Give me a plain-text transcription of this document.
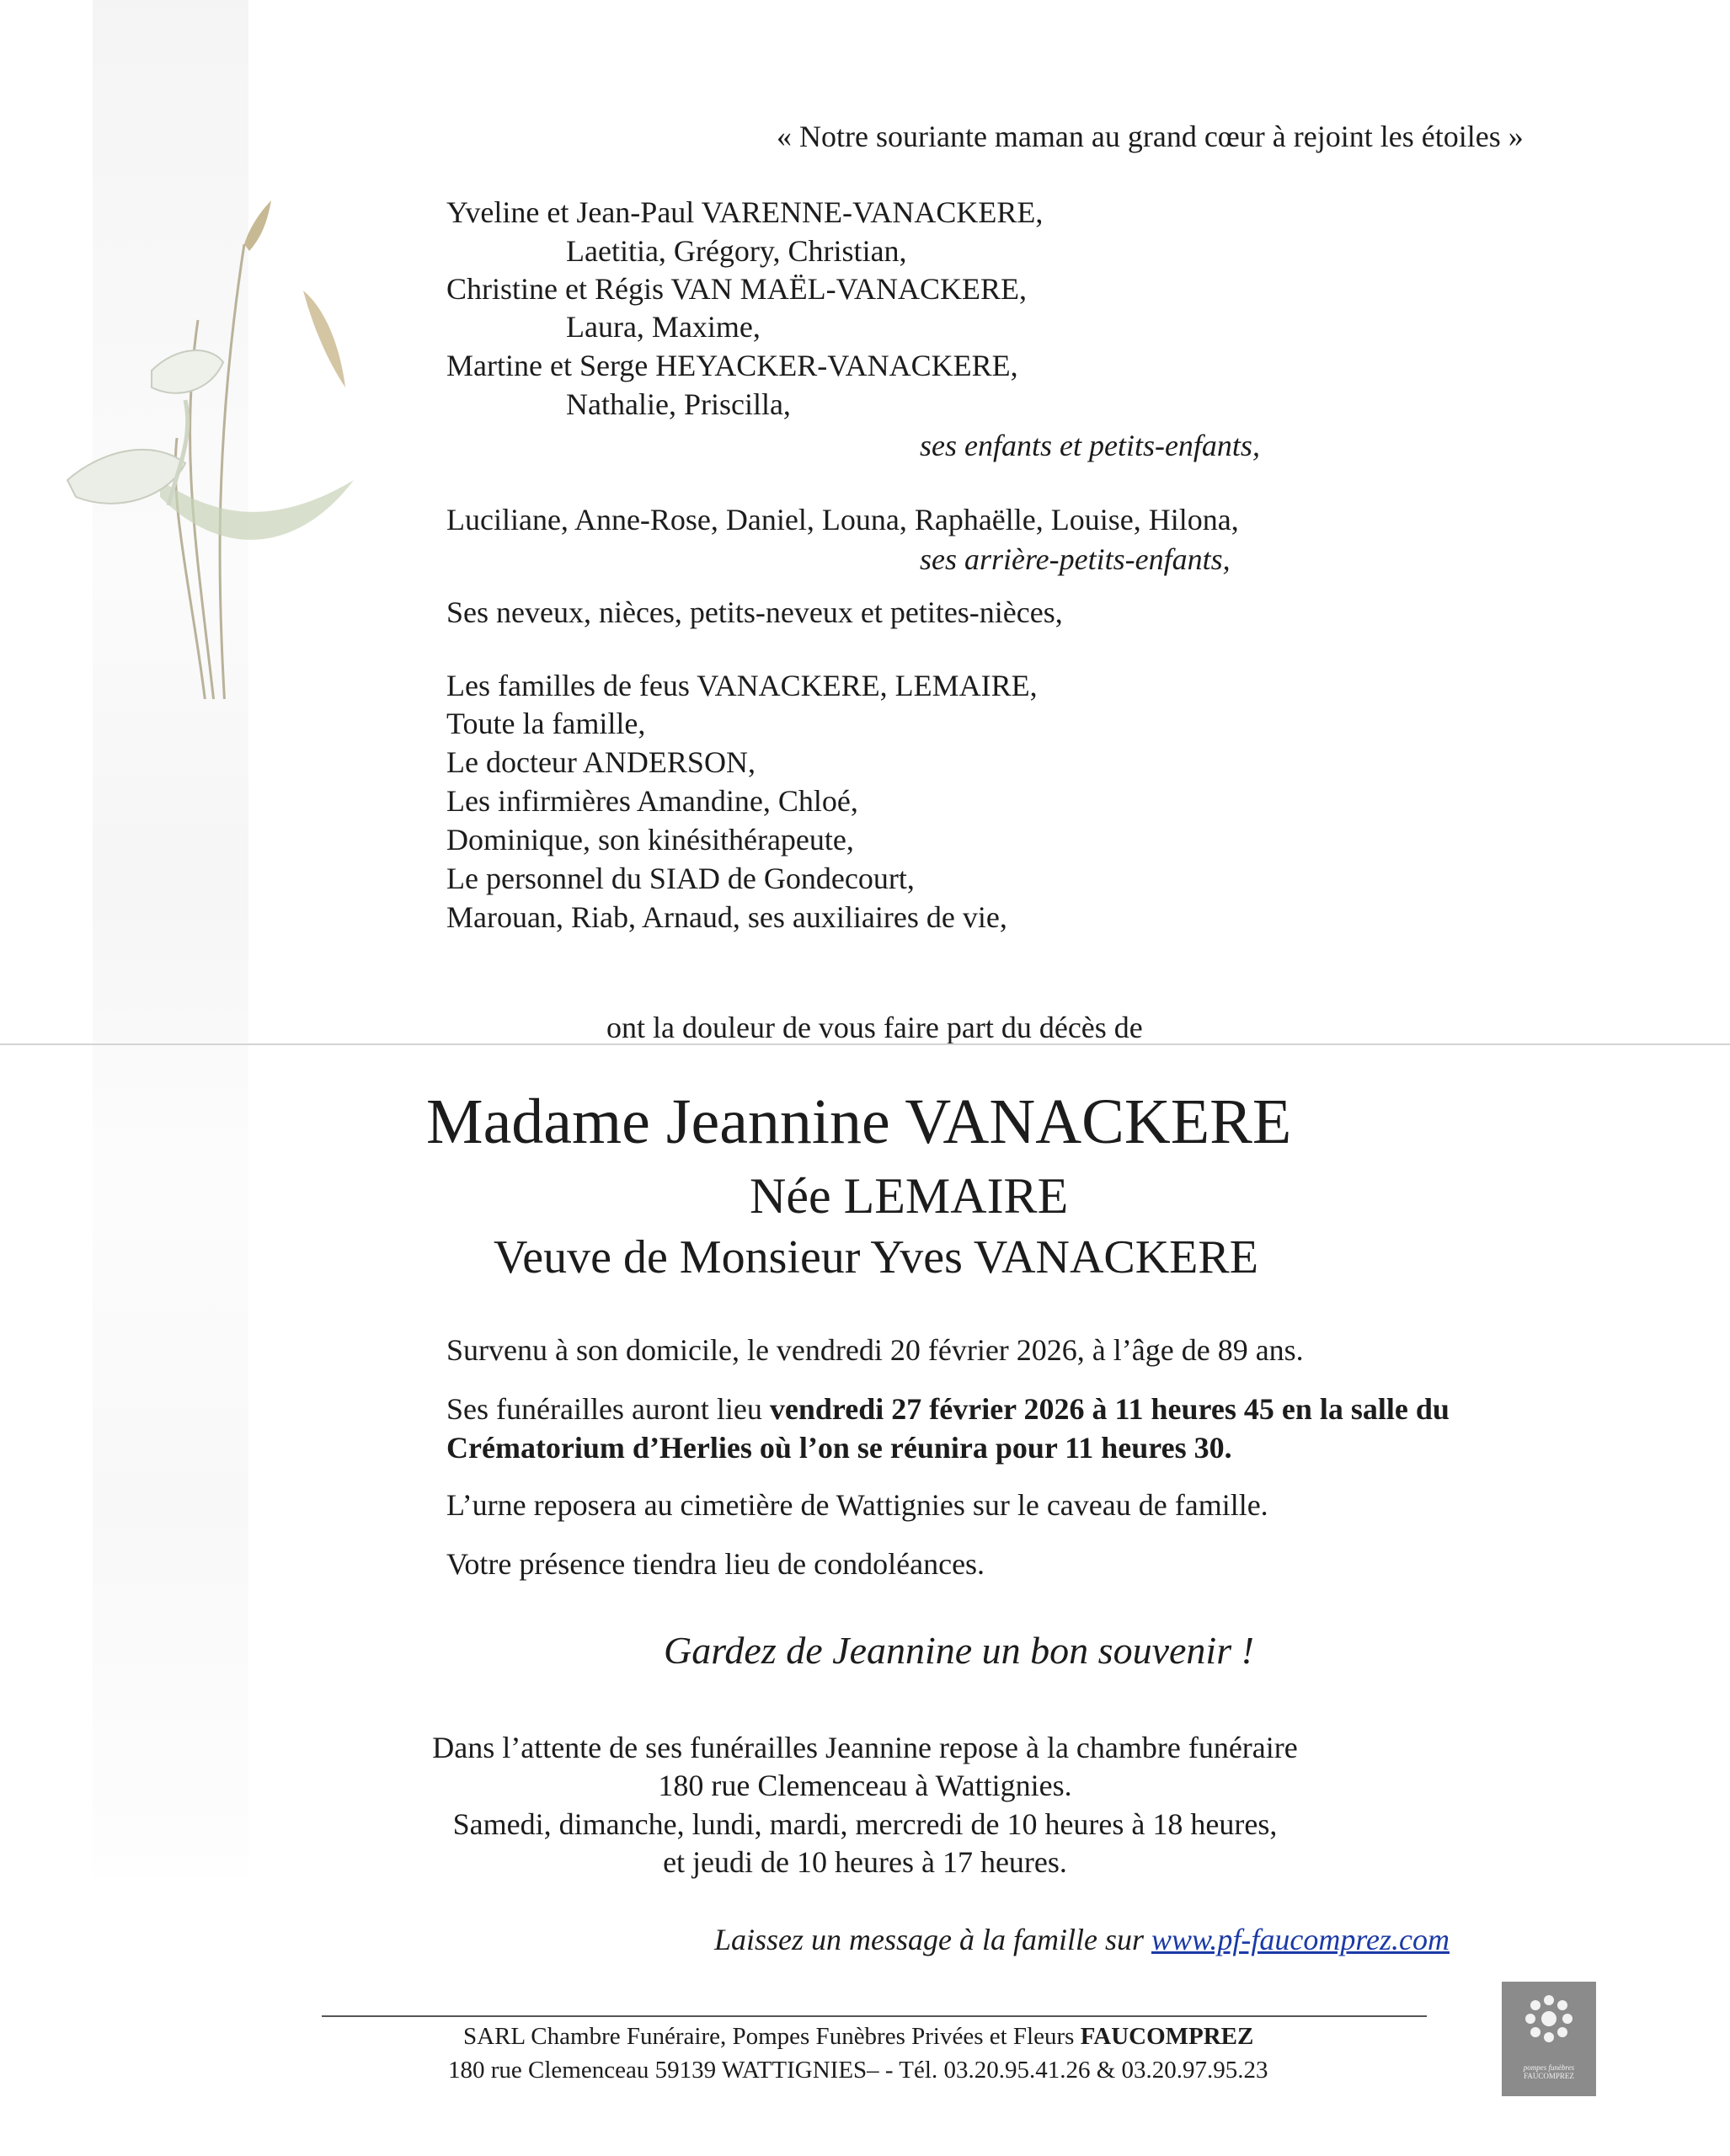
« Notre souriante maman au grand cœur à rejoint les étoiles »
Yveline et Jean-Paul VARENNE-VANACKERE,
Laetitia, Grégory, Christian,
Christine et Régis VAN MAËL-VANACKERE,
Laura, Maxime,
Martine et Serge HEYACKER-VANACKERE,
Nathalie, Priscilla,
ses enfants et petits-enfants,
Luciliane, Anne-Rose, Daniel, Louna, Raphaëlle, Louise, Hilona,
ses arrière-petits-enfants,
Ses neveux, nièces, petits-neveux et petites-nièces,
Les familles de feus VANACKERE, LEMAIRE,
Toute la famille,
Le docteur ANDERSON,
Les infirmières Amandine, Chloé,
Dominique, son kinésithérapeute,
Le personnel du SIAD de Gondecourt,
Marouan, Riab, Arnaud, ses auxiliaires de vie,
ont la douleur de vous faire part du décès de
Madame Jeannine VANACKERE
Née LEMAIRE
Veuve de Monsieur Yves VANACKERE
Survenu à son domicile, le vendredi 20 février 2026, à l’âge de 89 ans.
Ses funérailles auront lieu vendredi 27 février 2026 à 11 heures 45 en la salle du
Crématorium d’Herlies où l’on se réunira pour 11 heures 30.
L’urne reposera au cimetière de Wattignies sur le caveau de famille.
Votre présence tiendra lieu de condoléances.
Gardez de Jeannine un bon souvenir !
Dans l’attente de ses funérailles Jeannine repose à la chambre funéraire
180 rue Clemenceau à Wattignies.
Samedi, dimanche, lundi, mardi, mercredi de 10 heures à 18 heures,
et jeudi de 10 heures à 17 heures.
Laissez un message à la famille sur www.pf-faucomprez.com
SARL Chambre Funéraire, Pompes Funèbres Privées et Fleurs FAUCOMPREZ
180 rue Clemenceau 59139 WATTIGNIES– - Tél. 03.20.95.41.26 & 03.20.97.95.23	pompes funèbres
FAUCOMPREZ
